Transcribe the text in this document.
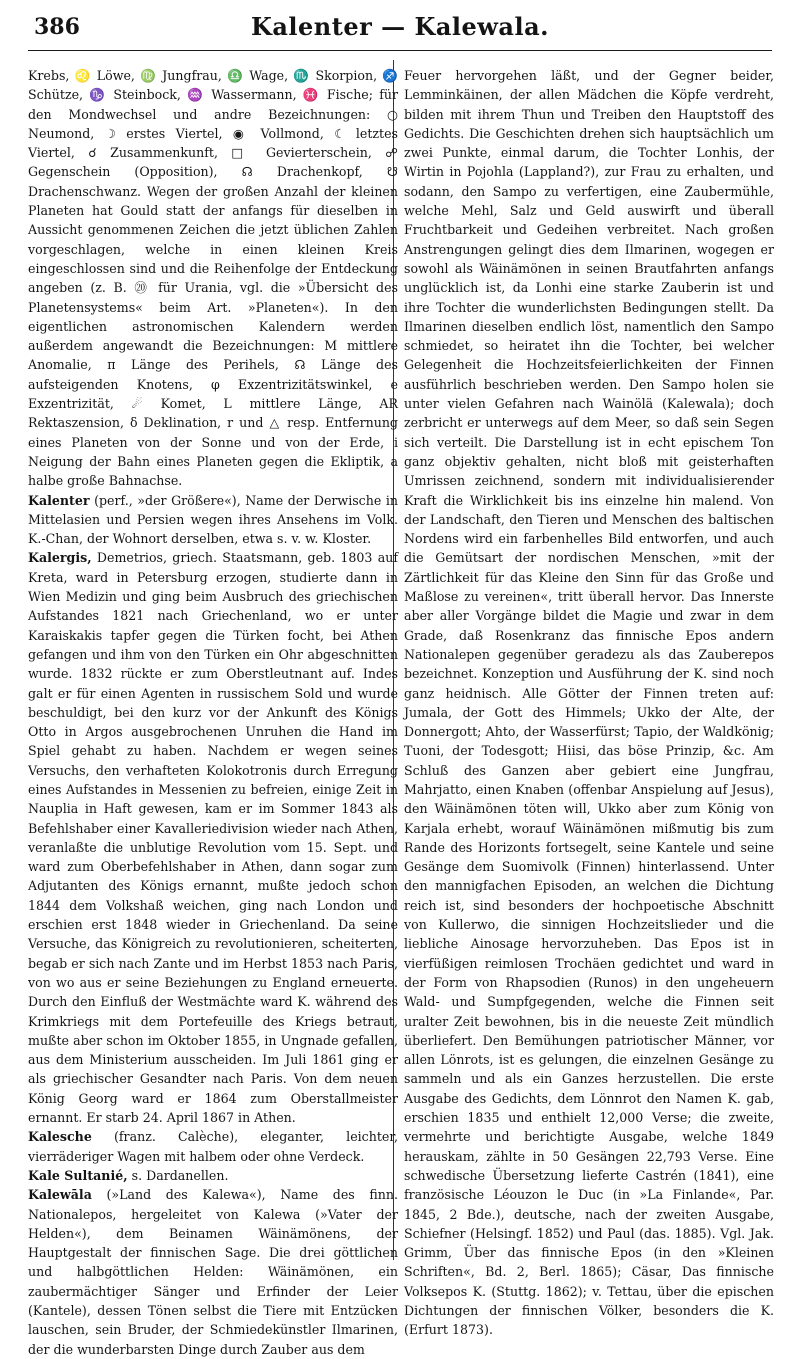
386	Kalenter — Kalewala.

Krebs, ♌ Löwe, ♍ Jungfrau, ♎ Wage, ♏ Skorpion, ♐ Schütze, ♑ Steinbock, ♒ Wassermann, ♓ Fische; für den Mondwechsel und andre Bezeichnungen: ○ Neumond, ☽ erstes Viertel, ◉ Vollmond, ☾ letztes Viertel, ☌ Zusammenkunft, □ Gevierterschein, ☍ Gegenschein (Opposition), ☊ Drachenkopf, ☋ Drachenschwanz. Wegen der großen Anzahl der kleinen Planeten hat Gould statt der anfangs für dieselben in Aussicht genommenen Zeichen die jetzt üblichen Zahlen vorgeschlagen, welche in einen kleinen Kreis eingeschlossen sind und die Reihenfolge der Entdeckung angeben (z. B. ⑳ für Urania, vgl. die »Übersicht des Planetensystems« beim Art. »Planeten«). In den eigentlichen astronomischen Kalendern werden außerdem angewandt die Bezeichnungen: M mittlere Anomalie, π Länge des Perihels, ☊ Länge des aufsteigenden Knotens, φ Exzentrizitätswinkel, e Exzentrizität, ☄ Komet, L mittlere Länge, AR Rektaszension, δ Deklination, r und △ resp. Entfernung eines Planeten von der Sonne und von der Erde, i Neigung der Bahn eines Planeten gegen die Ekliptik, a halbe große Bahnachse.

Kalenter (perf., »der Größere«), Name der Derwische in Mittelasien und Persien wegen ihres Ansehens im Volk. K.-Chan, der Wohnort derselben, etwa s. v. w. Kloster.

Kalergis, Demetrios, griech. Staatsmann, geb. 1803 auf Kreta, ward in Petersburg erzogen, studierte dann in Wien Medizin und ging beim Ausbruch des griechischen Aufstandes 1821 nach Griechenland, wo er unter Karaiskakis tapfer gegen die Türken focht, bei Athen gefangen und ihm von den Türken ein Ohr abgeschnitten wurde. 1832 rückte er zum Oberstleutnant auf. Indes galt er für einen Agenten in russischem Sold und wurde beschuldigt, bei den kurz vor der Ankunft des Königs Otto in Argos ausgebrochenen Unruhen die Hand im Spiel gehabt zu haben. Nachdem er wegen seines Versuchs, den verhafteten Kolokotronis durch Erregung eines Aufstandes in Messenien zu befreien, einige Zeit in Nauplia in Haft gewesen, kam er im Sommer 1843 als Befehlshaber einer Kavalleriedivision wieder nach Athen, veranlaßte die unblutige Revolution vom 15. Sept. und ward zum Oberbefehlshaber in Athen, dann sogar zum Adjutanten des Königs ernannt, mußte jedoch schon 1844 dem Volkshaß weichen, ging nach London und erschien erst 1848 wieder in Griechenland. Da seine Versuche, das Königreich zu revolutionieren, scheiterten, begab er sich nach Zante und im Herbst 1853 nach Paris, von wo aus er seine Beziehungen zu England erneuerte. Durch den Einfluß der Westmächte ward K. während des Krimkriegs mit dem Portefeuille des Kriegs betraut, mußte aber schon im Oktober 1855, in Ungnade gefallen, aus dem Ministerium ausscheiden. Im Juli 1861 ging er als griechischer Gesandter nach Paris. Von dem neuen König Georg ward er 1864 zum Oberstallmeister ernannt. Er starb 24. April 1867 in Athen.

Kalesche (franz. Calèche), eleganter, leichter, vierräderiger Wagen mit halbem oder ohne Verdeck.

Kale Sultanié, s. Dardanellen.

Kalewāla (»Land des Kalewa«), Name des finn. Nationalepos, hergeleitet von Kalewa (»Vater der Helden«), dem Beinamen Wäinämönens, der Hauptgestalt der finnischen Sage. Die drei göttlichen und halbgöttlichen Helden: Wäinämönen, ein zaubermächtiger Sänger und Erfinder der Leier (Kantele), dessen Tönen selbst die Tiere mit Entzücken lauschen, sein Bruder, der Schmiedekünstler Ilmarinen, der die wunderbarsten Dinge durch Zauber aus dem

Feuer hervorgehen läßt, und der Gegner beider, Lemminkäinen, der allen Mädchen die Köpfe verdreht, bilden mit ihrem Thun und Treiben den Hauptstoff des Gedichts. Die Geschichten drehen sich hauptsächlich um zwei Punkte, einmal darum, die Tochter Lonhis, der Wirtin in Pojohla (Lappland?), zur Frau zu erhalten, und sodann, den Sampo zu verfertigen, eine Zaubermühle, welche Mehl, Salz und Geld auswirft und überall Fruchtbarkeit und Gedeihen verbreitet. Nach großen Anstrengungen gelingt dies dem Ilmarinen, wogegen er sowohl als Wäinämönen in seinen Brautfahrten anfangs unglücklich ist, da Lonhi eine starke Zauberin ist und ihre Tochter die wunderlichsten Bedingungen stellt. Da Ilmarinen dieselben endlich löst, namentlich den Sampo schmiedet, so heiratet ihn die Tochter, bei welcher Gelegenheit die Hochzeitsfeierlichkeiten der Finnen ausführlich beschrieben werden. Den Sampo holen sie unter vielen Gefahren nach Wainölä (Kalewala); doch zerbricht er unterwegs auf dem Meer, so daß sein Segen sich verteilt. Die Darstellung ist in echt epischem Ton ganz objektiv gehalten, nicht bloß mit geisterhaften Umrissen zeichnend, sondern mit individualisierender Kraft die Wirklichkeit bis ins einzelne hin malend. Von der Landschaft, den Tieren und Menschen des baltischen Nordens wird ein farbenhelles Bild entworfen, und auch die Gemütsart der nordischen Menschen, »mit der Zärtlichkeit für das Kleine den Sinn für das Große und Maßlose zu vereinen«, tritt überall hervor. Das Innerste aber aller Vorgänge bildet die Magie und zwar in dem Grade, daß Rosenkranz das finnische Epos andern Nationalepen gegenüber geradezu als das Zauberepos bezeichnet. Konzeption und Ausführung der K. sind noch ganz heidnisch. Alle Götter der Finnen treten auf: Jumala, der Gott des Himmels; Ukko der Alte, der Donnergott; Ahto, der Wasserfürst; Tapio, der Waldkönig; Tuoni, der Todesgott; Hiisi, das böse Prinzip, &c. Am Schluß des Ganzen aber gebiert eine Jungfrau, Mahrjatto, einen Knaben (offenbar Anspielung auf Jesus), den Wäinämönen töten will, Ukko aber zum König von Karjala erhebt, worauf Wäinämönen mißmutig bis zum Rande des Horizonts fortsegelt, seine Kantele und seine Gesänge dem Suomivolk (Finnen) hinterlassend. Unter den mannigfachen Episoden, an welchen die Dichtung reich ist, sind besonders der hochpoetische Abschnitt von Kullerwo, die sinnigen Hochzeitslieder und die liebliche Ainosage hervorzuheben. Das Epos ist in vierfüßigen reimlosen Trochäen gedichtet und ward in der Form von Rhapsodien (Runos) in den ungeheuern Wald- und Sumpfgegenden, welche die Finnen seit uralter Zeit bewohnen, bis in die neueste Zeit mündlich überliefert. Den Bemühungen patriotischer Männer, vor allen Lönrots, ist es gelungen, die einzelnen Gesänge zu sammeln und als ein Ganzes herzustellen. Die erste Ausgabe des Gedichts, dem Lönnrot den Namen K. gab, erschien 1835 und enthielt 12,000 Verse; die zweite, vermehrte und berichtigte Ausgabe, welche 1849 herauskam, zählte in 50 Gesängen 22,793 Verse. Eine schwedische Übersetzung lieferte Castrén (1841), eine französische Léouzon le Duc (in »La Finlande«, Par. 1845, 2 Bde.), deutsche, nach der zweiten Ausgabe, Schiefner (Helsingf. 1852) und Paul (das. 1885). Vgl. Jak. Grimm, Über das finnische Epos (in den »Kleinen Schriften«, Bd. 2, Berl. 1865); Cäsar, Das finnische Volksepos K. (Stuttg. 1862); v. Tettau, über die epischen Dichtungen der finnischen Völker, besonders die K. (Erfurt 1873).
